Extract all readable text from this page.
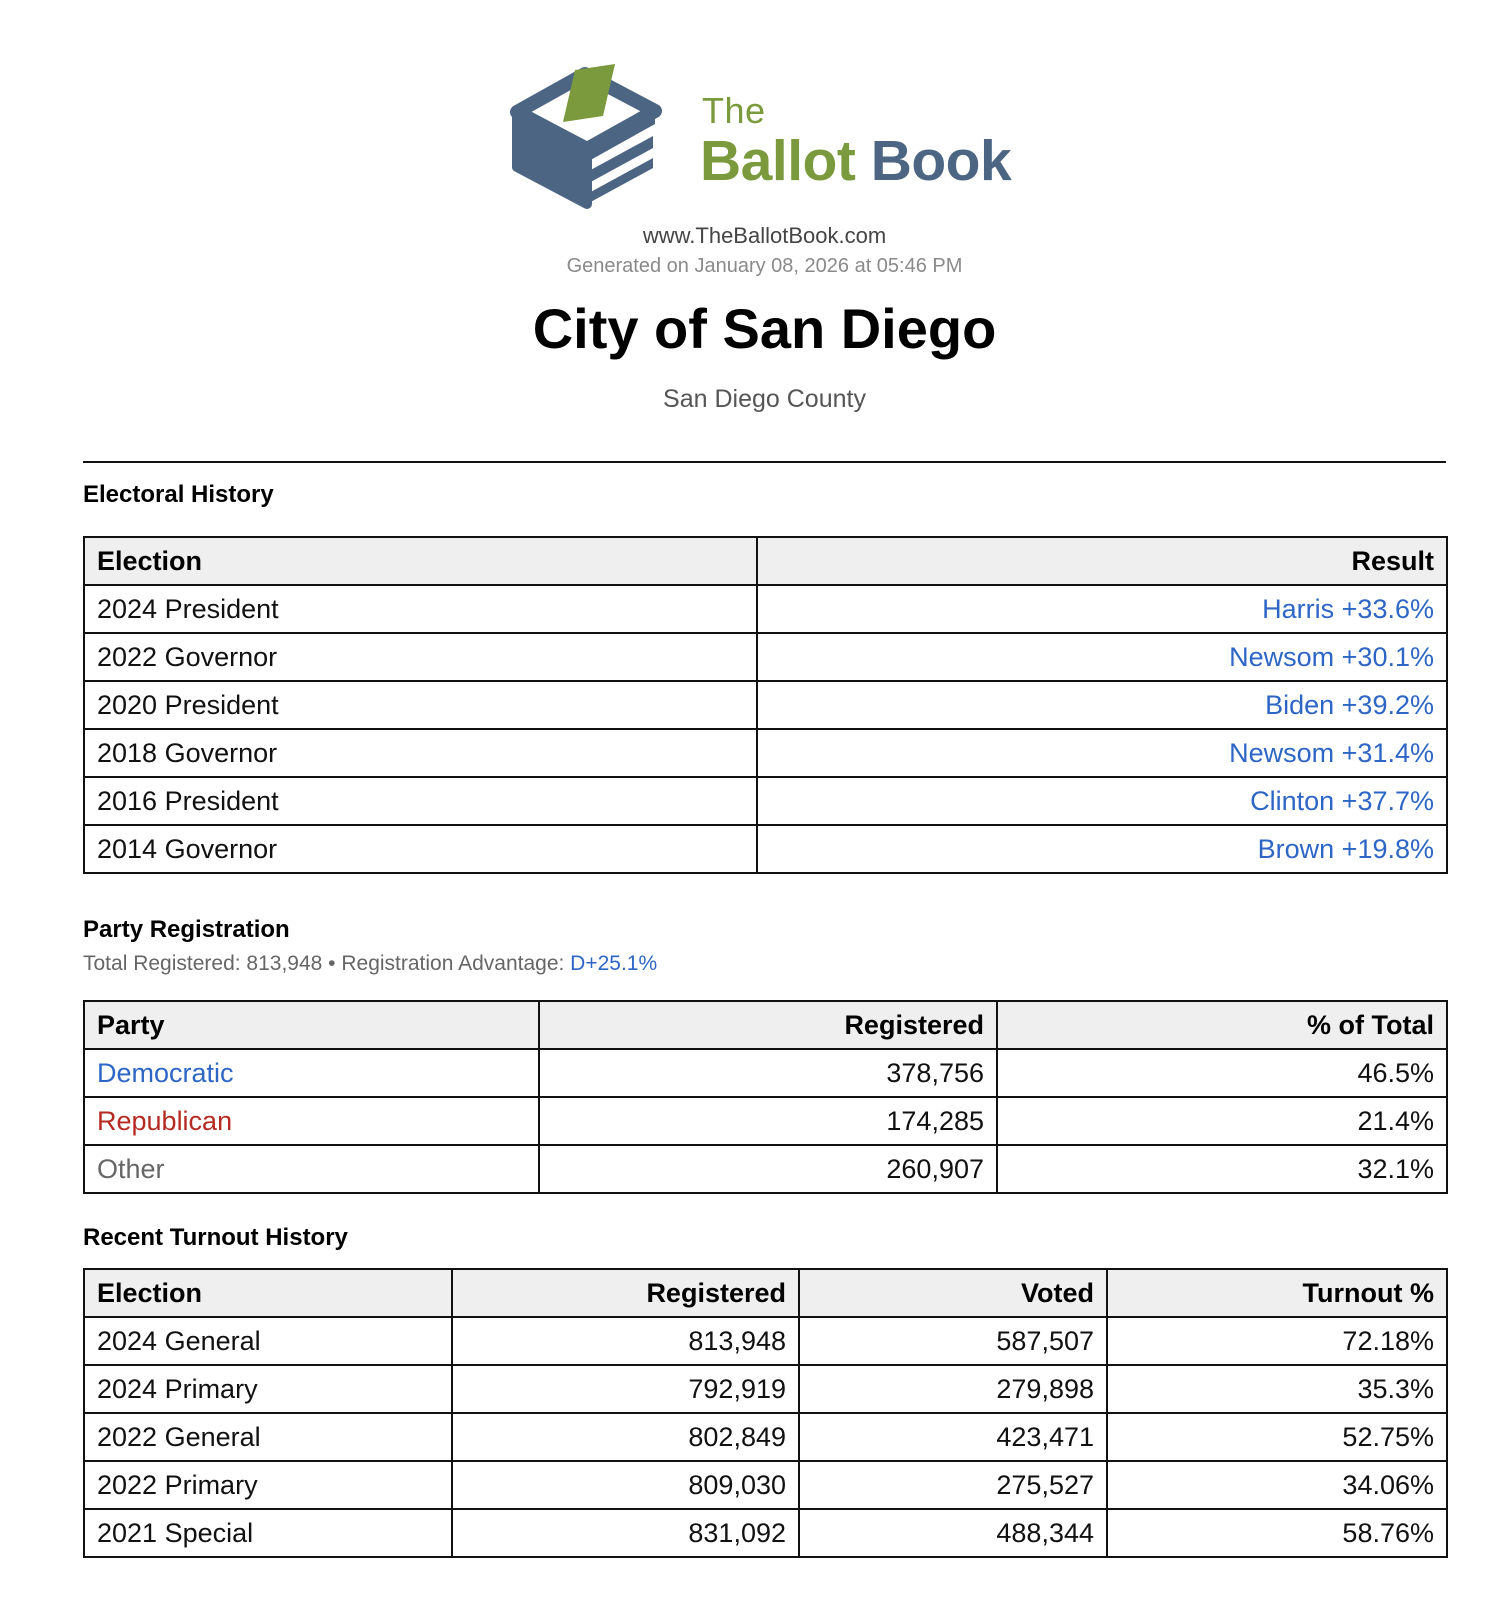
The
Ballot Book
www.TheBallotBook.com
Generated on January 08, 2026 at 05:46 PM
City of San Diego
San Diego County
Electoral History
Election	Result
2024 President	Harris +33.6%
2022 Governor	Newsom +30.1%
2020 President	Biden +39.2%
2018 Governor	Newsom +31.4%
2016 President	Clinton +37.7%
2014 Governor	Brown +19.8%
Party Registration
Total Registered: 813,948 • Registration Advantage: D+25.1%
Party	Registered	% of Total
Democratic	378,756	46.5%
Republican	174,285	21.4%
Other	260,907	32.1%
Recent Turnout History
Election	Registered	Voted	Turnout %
2024 General	813,948	587,507	72.18%
2024 Primary	792,919	279,898	35.3%
2022 General	802,849	423,471	52.75%
2022 Primary	809,030	275,527	34.06%
2021 Special	831,092	488,344	58.76%
